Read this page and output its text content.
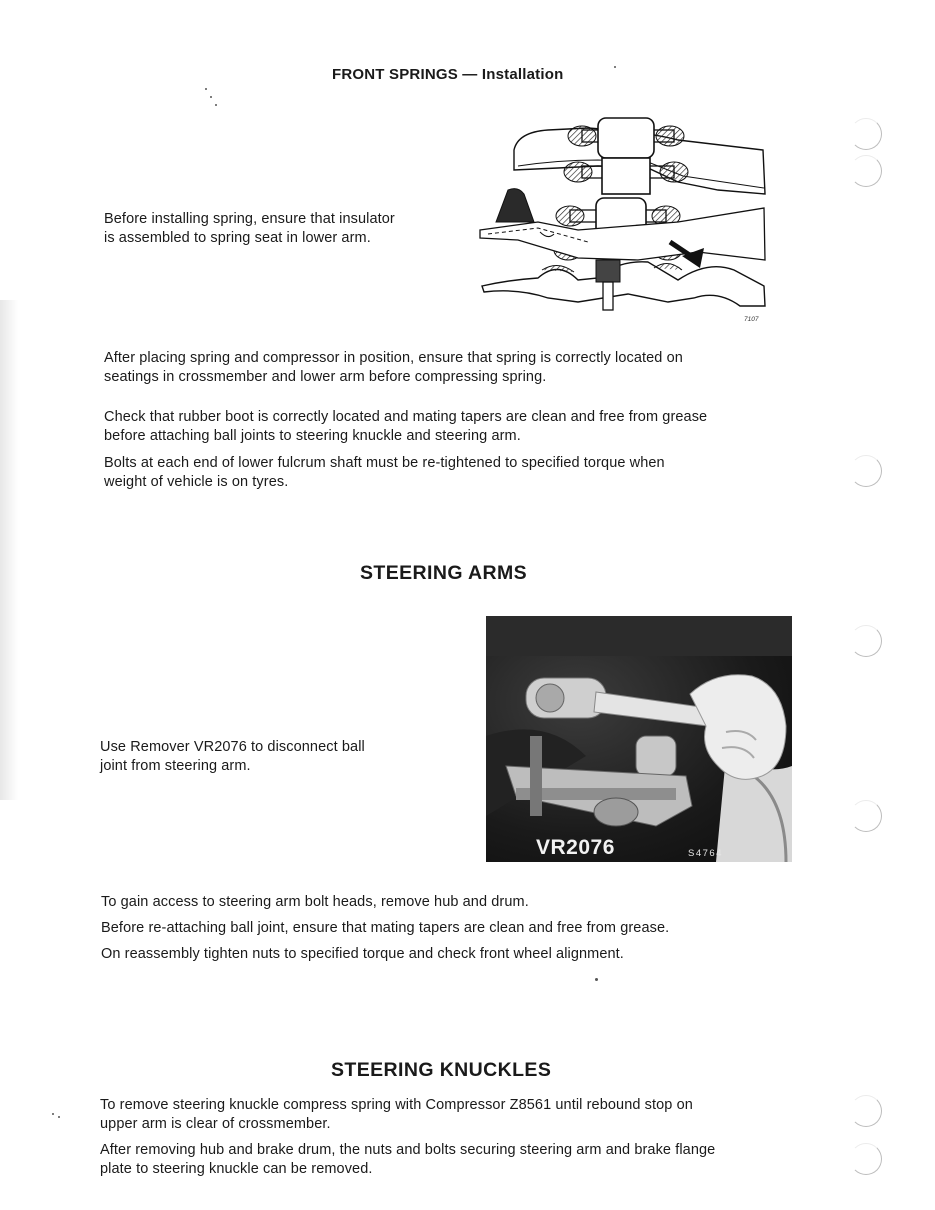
FRONT SPRINGS — Installation
Before installing spring, ensure that insulator
is assembled to spring seat in lower arm.
7107
After placing spring and compressor in position, ensure that spring is correctly located on
seatings in crossmember and lower arm before compressing spring.
Check that rubber boot is correctly located and mating tapers are clean and free from grease
before attaching ball joints to steering knuckle and steering arm.
Bolts at each end of lower fulcrum shaft must be re-tightened to specified torque when
weight of vehicle is on tyres.
STEERING ARMS
Use Remover VR2076 to disconnect ball
joint from steering arm.
VR2076	S4764
To gain access to steering arm bolt heads, remove hub and drum.
Before re-attaching ball joint, ensure that mating tapers are clean and free from grease.
On reassembly tighten nuts to specified torque and check front wheel alignment.
STEERING KNUCKLES
To remove steering knuckle compress spring with Compressor Z8561 until rebound stop on
upper arm is clear of crossmember.
After removing hub and brake drum, the nuts and bolts securing steering arm and brake flange
plate to steering knuckle can be removed.
